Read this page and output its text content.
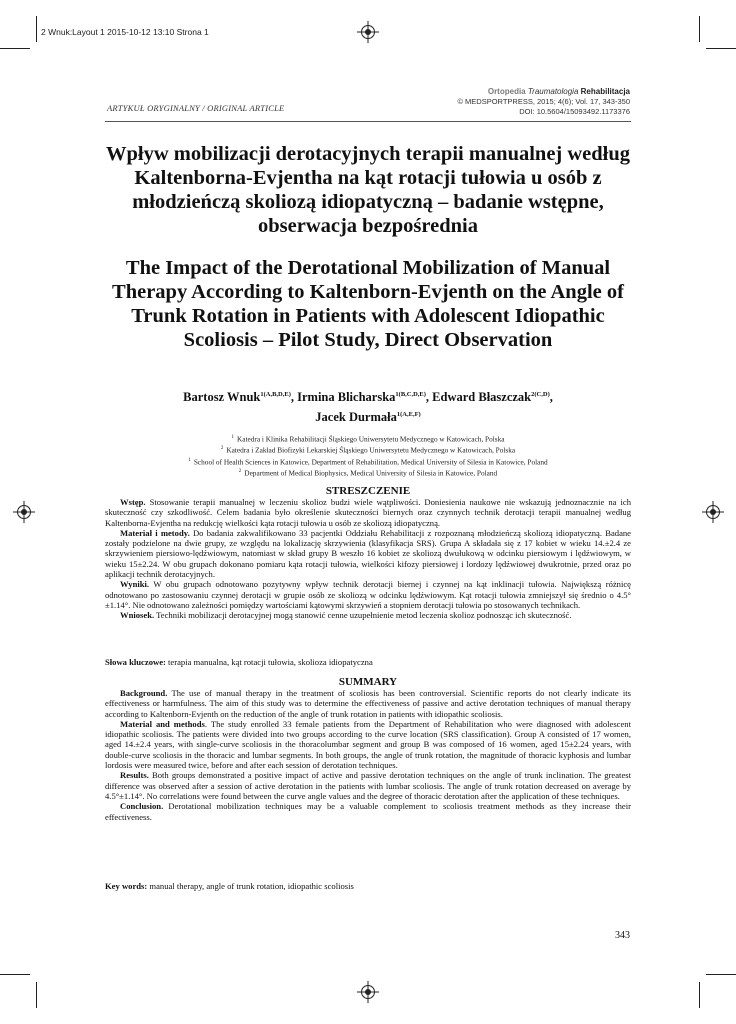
2 Wnuk:Layout 1 2015-10-12 13:10 Strona 1
Ortopedia Traumatologia Rehabilitacja
© MEDSPORTPRESS, 2015; 4(6); Vol. 17, 343-350
DOI: 10.5604/15093492.1173376
ARTYKUŁ ORYGINALNY / ORIGINAL ARTICLE
Wpływ mobilizacji derotacyjnych terapii manualnej według Kaltenborna-Evjentha na kąt rotacji tułowia u osób z młodzieńczą skoliozą idiopatyczną – badanie wstępne, obserwacja bezpośrednia
The Impact of the Derotational Mobilization of Manual Therapy According to Kaltenborn-Evjenth on the Angle of Trunk Rotation in Patients with Adolescent Idiopathic Scoliosis – Pilot Study, Direct Observation
Bartosz Wnuk$^{1(A,B,D,E)}$, Irmina Blicharska$^{1(B,C,D,E)}$, Edward Błaszczak$^{2(C,D)}$,
Jacek Durmała$^{1(A,E,F)}$
$^1$ Katedra i Klinika Rehabilitacji Śląskiego Uniwersytetu Medycznego w Katowicach, Polska
$^2$ Katedra i Zakład Biofizyki Lekarskiej Śląskiego Uniwersytetu Medycznego w Katowicach, Polska
$^1$ School of Health Sciences in Katowice, Department of Rehabilitation, Medical University of Silesia in Katowice, Poland
$^2$ Department of Medical Biophysics, Medical University of Silesia in Katowice, Poland
STRESZCZENIE

Wstęp. Stosowanie terapii manualnej w leczeniu skolioz budzi wiele wątpliwości. Doniesienia naukowe nie wskazują jednoznacznie na ich skuteczność czy szkodliwość. Celem badania było określenie skuteczności biernych oraz czynnych technik derotacji terapii manualnej według Kaltenborna-Evjentha na redukcję wielkości kąta rotacji tułowia u osób ze skoliozą idiopatyczną.

Materiał i metody. Do badania zakwalifikowano 33 pacjentki Oddziału Rehabilitacji z rozpoznaną młodzieńczą skoliozą idiopatyczną. Badane zostały podzielone na dwie grupy, ze względu na lokalizację skrzywienia (klasyfikacja SRS). Grupa A składała się z 17 kobiet w wieku 14.±2.4 ze skrzywieniem piersiowo-lędźwiowym, natomiast w skład grupy B weszło 16 kobiet ze skoliozą dwułukową w odcinku piersiowym i lędźwiowym, w wieku 15±2.24. W obu grupach dokonano pomiaru kąta rotacji tułowia, wielkości kifozy piersiowej i lordozy lędźwiowej dwukrotnie, przed oraz po aplikacji technik derotacyjnych.

Wyniki. W obu grupach odnotowano pozytywny wpływ technik derotacji biernej i czynnej na kąt inklinacji tułowia. Największą różnicę odnotowano po zastosowaniu czynnej derotacji w grupie osób ze skoliozą w odcinku lędźwiowym. Kąt rotacji tułowia zmniejszył się średnio o 4.5°±1.14°. Nie odnotowano zależności pomiędzy wartościami kątowymi skrzywień a stopniem derotacji tułowia po stosowanych technikach.

Wniosek. Techniki mobilizacji derotacyjnej mogą stanowić cenne uzupełnienie metod leczenia skolioz podnosząc ich skuteczność.

Słowa kluczowe: terapia manualna, kąt rotacji tułowia, skolioza idiopatyczna
SUMMARY

Background. The use of manual therapy in the treatment of scoliosis has been controversial. Scientific reports do not clearly indicate its effectiveness or harmfulness. The aim of this study was to determine the effectiveness of passive and active derotation techniques of manual therapy according to Kaltenborn-Evjenth on the reduction of the angle of trunk rotation in patients with idiopathic scoliosis.

Material and methods. The study enrolled 33 female patients from the Department of Rehabilitation who were diagnosed with adolescent idiopathic scoliosis. The patients were divided into two groups according to the curve location (SRS classification). Group A consisted of 17 women, aged 14.±2.4 years, with single-curve scoliosis in the thoracolumbar segment and group B was composed of 16 women, aged 15±2.24 years, with double-curve scoliosis in the thoracic and lumbar segments. In both groups, the angle of trunk rotation, the magnitude of thoracic kyphosis and lumbar lordosis were measured twice, before and after each session of derotation techniques.

Results. Both groups demonstrated a positive impact of active and passive derotation techniques on the angle of trunk inclination. The greatest difference was observed after a session of active derotation in the patients with lumbar scoliosis. The angle of trunk rotation decreased on average by 4.5°±1.14°. No correlations were found between the curve angle values and the degree of thoracic derotation after the application of these techniques.

Conclusion. Derotational mobilization techniques may be a valuable complement to scoliosis treatment methods as they increase their effectiveness.

Key words: manual therapy, angle of trunk rotation, idiopathic scoliosis
343
